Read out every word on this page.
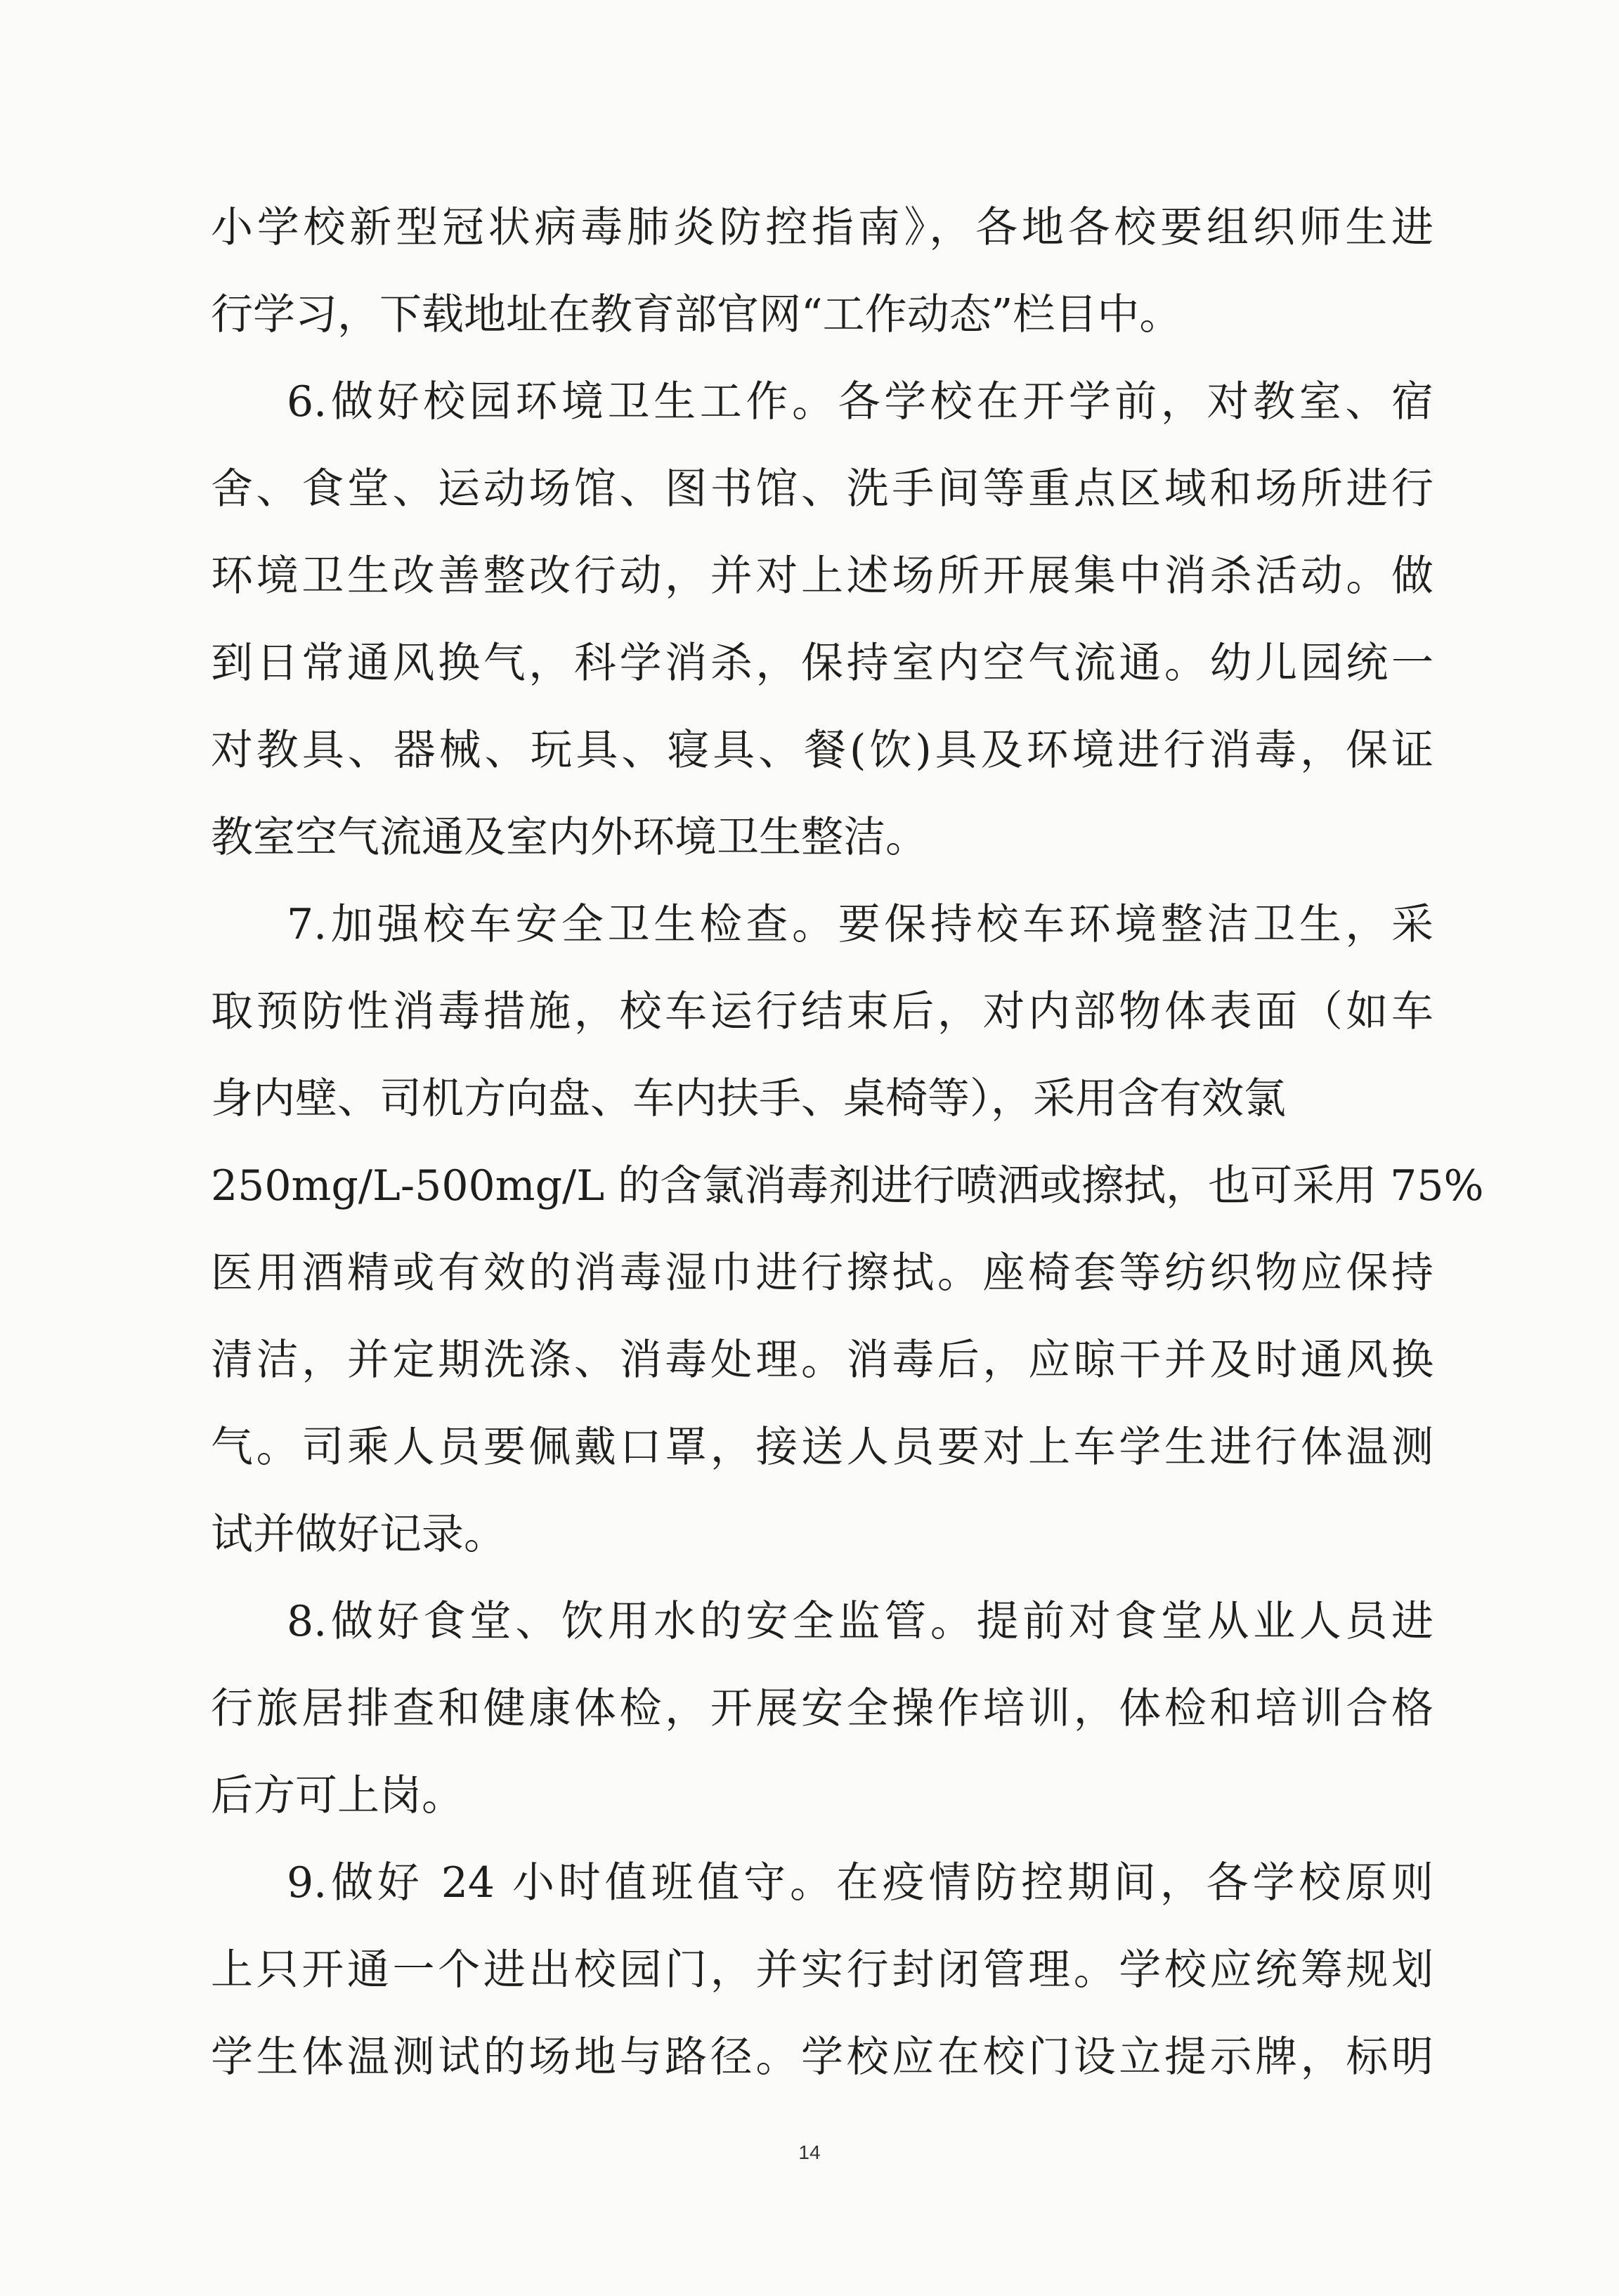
小学校新型冠状病毒肺炎防控指南》，各地各校要组织师生进
行学习，下载地址在教育部官网“工作动态”栏目中。
6.做好校园环境卫生工作。各学校在开学前，对教室、宿
舍、食堂、运动场馆、图书馆、洗手间等重点区域和场所进行
环境卫生改善整改行动，并对上述场所开展集中消杀活动。做
到日常通风换气，科学消杀，保持室内空气流通。幼儿园统一
对教具、器械、玩具、寝具、餐(饮)具及环境进行消毒，保证
教室空气流通及室内外环境卫生整洁。
7.加强校车安全卫生检查。要保持校车环境整洁卫生，采
取预防性消毒措施，校车运行结束后，对内部物体表面（如车
身内壁、司机方向盘、车内扶手、桌椅等），采用含有效氯
250mg/L-500mg/L 的含氯消毒剂进行喷洒或擦拭，也可采用 75%
医用酒精或有效的消毒湿巾进行擦拭。座椅套等纺织物应保持
清洁，并定期洗涤、消毒处理。消毒后，应晾干并及时通风换
气。司乘人员要佩戴口罩，接送人员要对上车学生进行体温测
试并做好记录。
8.做好食堂、饮用水的安全监管。提前对食堂从业人员进
行旅居排查和健康体检，开展安全操作培训，体检和培训合格
后方可上岗。
9.做好 24 小时值班值守。在疫情防控期间，各学校原则
上只开通一个进出校园门，并实行封闭管理。学校应统筹规划
学生体温测试的场地与路径。学校应在校门设立提示牌，标明
14
